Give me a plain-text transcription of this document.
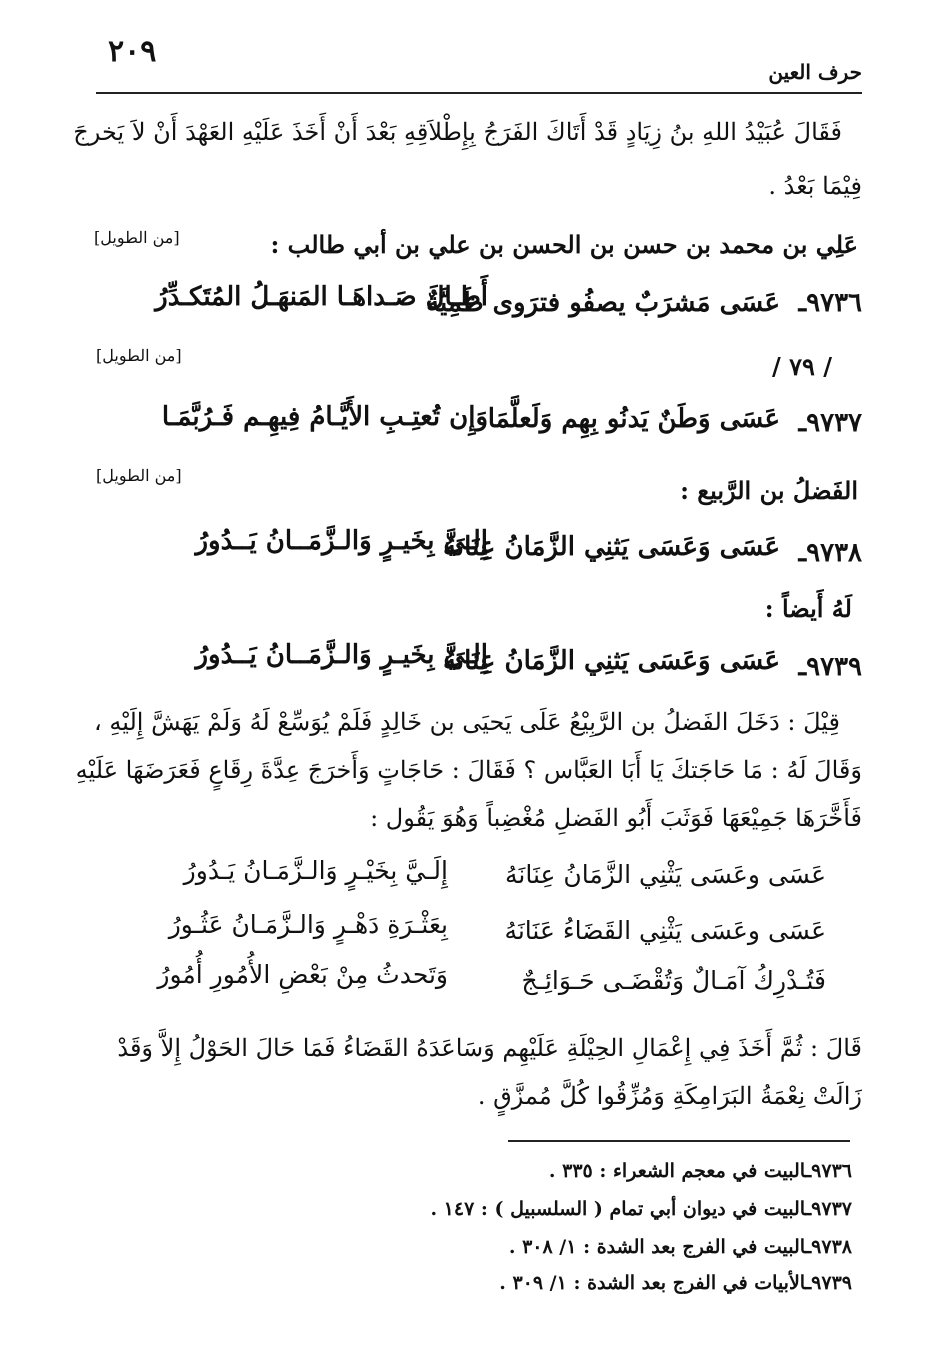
٢٠٩
حرف العين
فَقَالَ عُبَيْدُ اللهِ بنُ زِيَادٍ قَدْ أَتَاكَ الفَرَجُ بِإِطْلاَقِهِ بَعْدَ أَنْ أَخَذَ عَلَيْهِ العَهْدَ أَنْ لاَ يَخرجَ
فِيْمَا بَعْدُ .
عَلِي بن محمد بن حسن بن الحسن بن علي بن أبي طالب :
[من الطويل]
٩٧٣٦ـ
عَسَى مَشرَبٌ يصفُو فترَوى ظَمِيَّةٌ
أَطـالَ صَـداهَـا المَنهَـلُ المُتَكـدِّرُ
/ ٧٩ /
[من الطويل]
٩٧٣٧ـ
عَسَى وَطَنٌ يَدنُو بِهِم وَلَعلَّمَا
وَإِن تُعتِـبِ الأَيَّـامُ فِيهِـم فَـرُبَّمَـا
الفَضلُ بن الرَّبيع :
[من الطويل]
٩٧٣٨ـ
عَسَى وَعَسَى يَثنِي الزَّمَانُ عِنَانَهُ
إِلـيَّ بِخَيـرٍ وَالـزَّمَــانُ يَــدُورُ
لَهُ أَيضاً :
٩٧٣٩ـ
عَسَى وَعَسَى يَثنِي الزَّمَانُ عِنَانَهُ
إِلـيَّ بِخَيـرٍ وَالـزَّمَــانُ يَــدُورُ
قِيْلَ : دَخَلَ الفَضلُ بن الرَّبِيْعُ عَلَى يَحيَى بن خَالِدٍ فَلَمْ يُوَسِّعْ لَهُ وَلَمْ يَهَشَّ إِلَيْهِ ،
وَقَالَ لَهُ : مَا حَاجَتكَ يَا أَبَا العَبَّاس ؟ فَقَالَ : حَاجَاتٍ وَأَخرَجَ عِدَّةَ رِقَاعٍ فَعَرَضَهَا عَلَيْهِ
فَأَخَّرَهَا جَمِيْعَهَا فَوَثَبَ أَبُو الفَضلِ مُغْضِباً وَهُوَ يَقُول :
عَسَى وعَسَى يَثْنِي الزَّمَانُ عِنَانَهُ
إِلَـيَّ بِخَيْـرٍ وَالـزَّمَـانُ يَـدُورُ
عَسَى وعَسَى يَثْنِي القَضَاءُ عَنَانَهُ
بِعَثْـرَةِ دَهْـرٍ وَالـزَّمَـانُ عَثُـورُ
فَتُـدْرِكُ آمَـالٌ وَتُقْضَـى حَـوَائِـجٌ
وَتَحدثُ مِنْ بَعْضِ الأُمُورِ أُمُورُ
قَالَ : ثُمَّ أَخَذَ فِي إِعْمَالِ الحِيْلَةِ عَلَيْهِم وَسَاعَدَهُ القَضَاءُ فَمَا حَالَ الحَوْلُ إِلاَّ وَقَدْ
زَالَتْ نِعْمَةُ البَرَامِكَةِ وَمُزِّقُوا كُلَّ مُمزَّقٍ .
٩٧٣٦ـالبيت في معجم الشعراء : ٣٣٥ .
٩٧٣٧ـالبيت في ديوان أبي تمام ( السلسبيل ) : ١٤٧ .
٩٧٣٨ـالبيت في الفرج بعد الشدة : ١/ ٣٠٨ .
٩٧٣٩ـالأبيات في الفرج بعد الشدة : ١/ ٣٠٩ .
